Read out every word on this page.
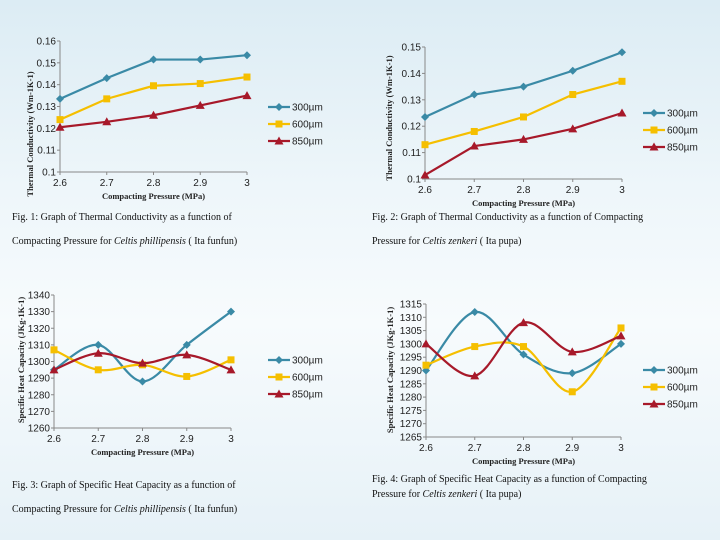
0.1
0.11
0.12
0.13
0.14
0.15
0.16
2.6	2.7	2.8	2.9	3
Compacting Pressure (MPa)
Thermal Conductivity (Wm-1K-1)	300µm
600µm
850µm
0.1
0.11
0.12
0.13
0.14
0.15
2.6	2.7	2.8	2.9	3
Compacting Pressure (MPa)
Thermal Conductivity (Wm-1K-1)	300µm
600µm
850µm
1260
1270
1280
1290
1300
1310
1320
1330
1340
2.6	2.7	2.8	2.9	3
Compacting Pressure (MPa)
Specific Heat Capacity (JKg-1K-1)	300µm
600µm
850µm
1265
1270
1275
1280
1285
1290
1295
1300
1305
1310
1315
2.6	2.7	2.8	2.9	3
Compacting Pressure (MPa)
Specific Heat Capacity (JKg-1K-1)	300µm
600µm
850µm
Fig. 1: Graph of Thermal Conductivity as a function of
Compacting Pressure for Celtis phillipensis ( Ita funfun)
Fig. 2: Graph of Thermal Conductivity as a function of Compacting
Pressure for Celtis zenkeri ( Ita pupa)
Fig. 3: Graph of Specific Heat Capacity as a function of
Compacting Pressure for Celtis phillipensis ( Ita funfun)
Fig. 4: Graph of Specific Heat Capacity as a function of Compacting
Pressure for Celtis zenkeri ( Ita pupa)
